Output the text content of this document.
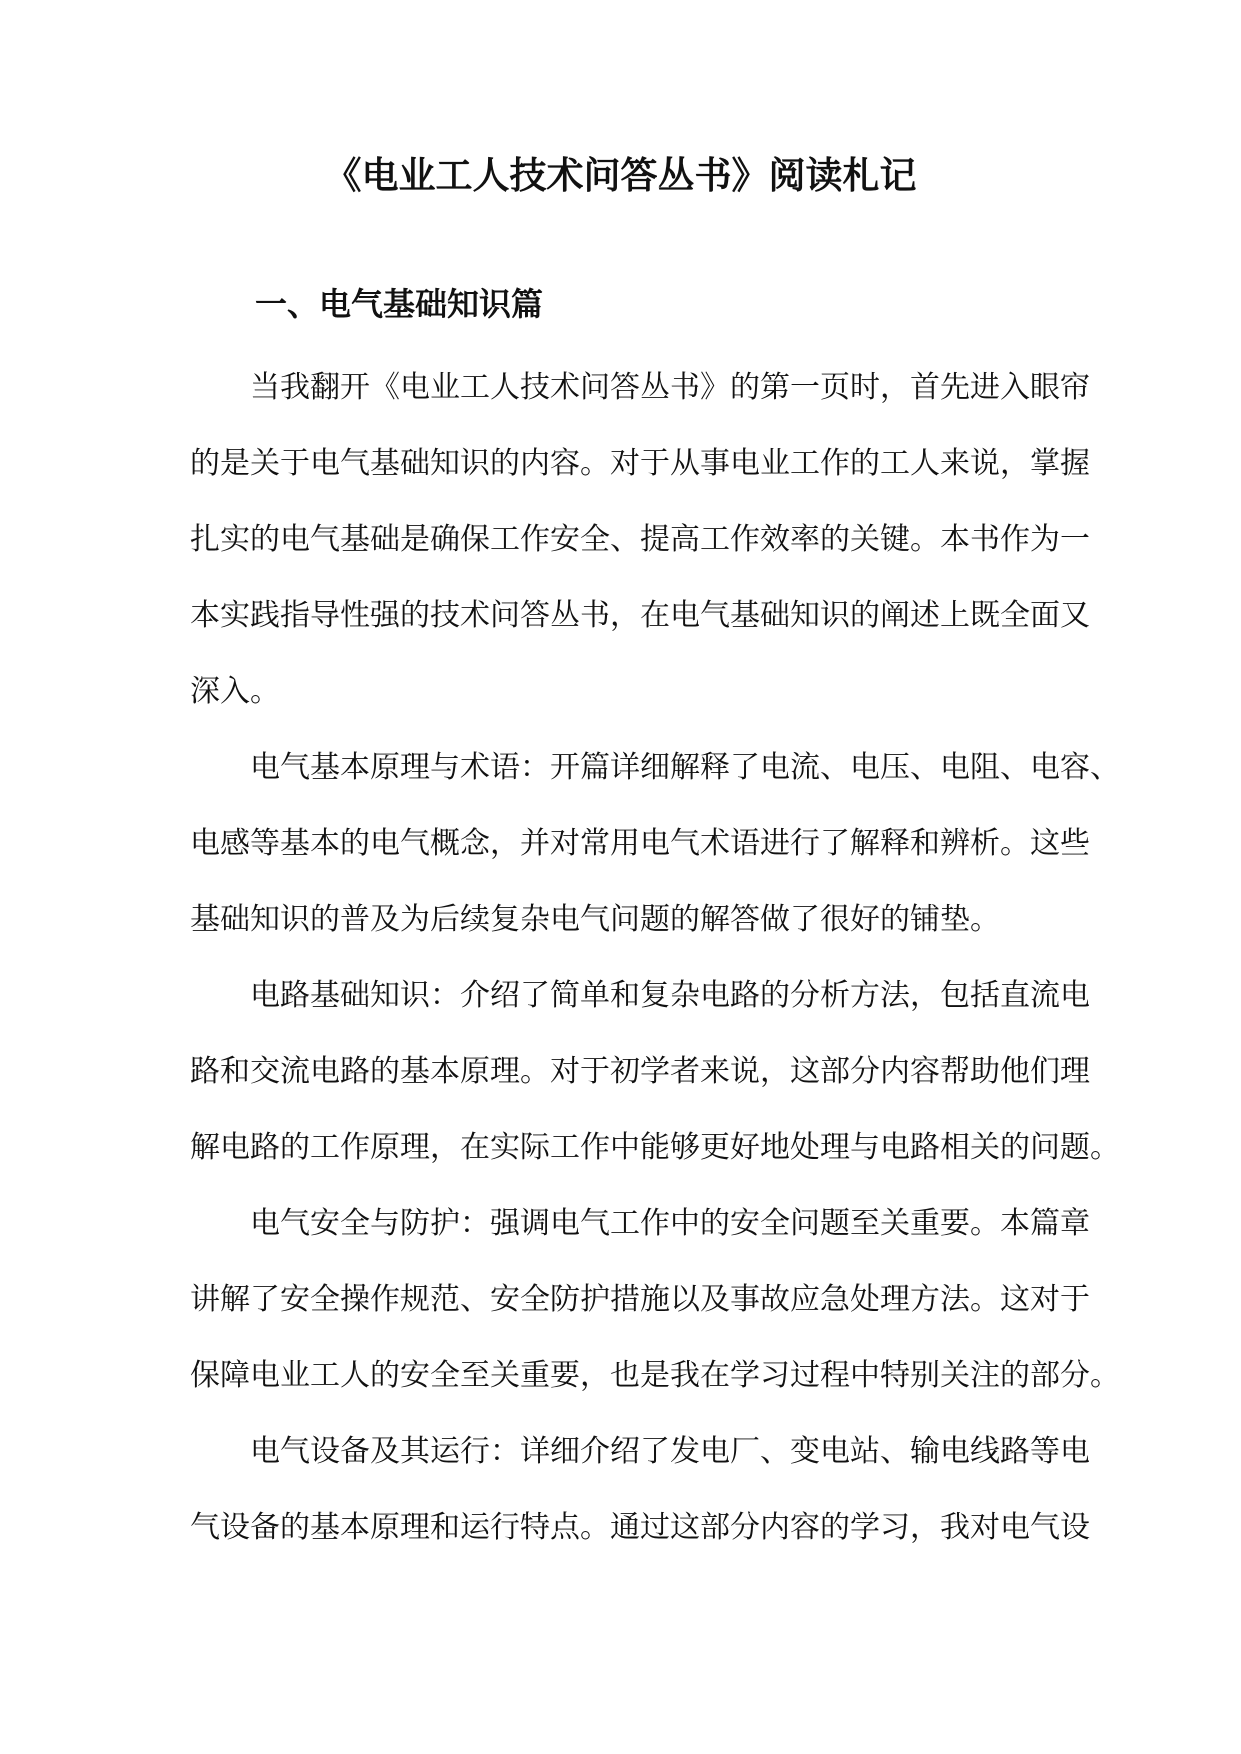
《电业工人技术问答丛书》阅读札记
一、电气基础知识篇

当我翻开《电业工人技术问答丛书》的第一页时，首先进入眼帘

的是关于电气基础知识的内容。对于从事电业工作的工人来说，掌握

扎实的电气基础是确保工作安全、提高工作效率的关键。本书作为一

本实践指导性强的技术问答丛书，在电气基础知识的阐述上既全面又

深入。

电气基本原理与术语：开篇详细解释了电流、电压、电阻、电容、

电感等基本的电气概念，并对常用电气术语进行了解释和辨析。这些

基础知识的普及为后续复杂电气问题的解答做了很好的铺垫。

电路基础知识：介绍了简单和复杂电路的分析方法，包括直流电

路和交流电路的基本原理。对于初学者来说，这部分内容帮助他们理

解电路的工作原理，在实际工作中能够更好地处理与电路相关的问题。

电气安全与防护：强调电气工作中的安全问题至关重要。本篇章

讲解了安全操作规范、安全防护措施以及事故应急处理方法。这对于

保障电业工人的安全至关重要，也是我在学习过程中特别关注的部分。

电气设备及其运行：详细介绍了发电厂、变电站、输电线路等电

气设备的基本原理和运行特点。通过这部分内容的学习，我对电气设
